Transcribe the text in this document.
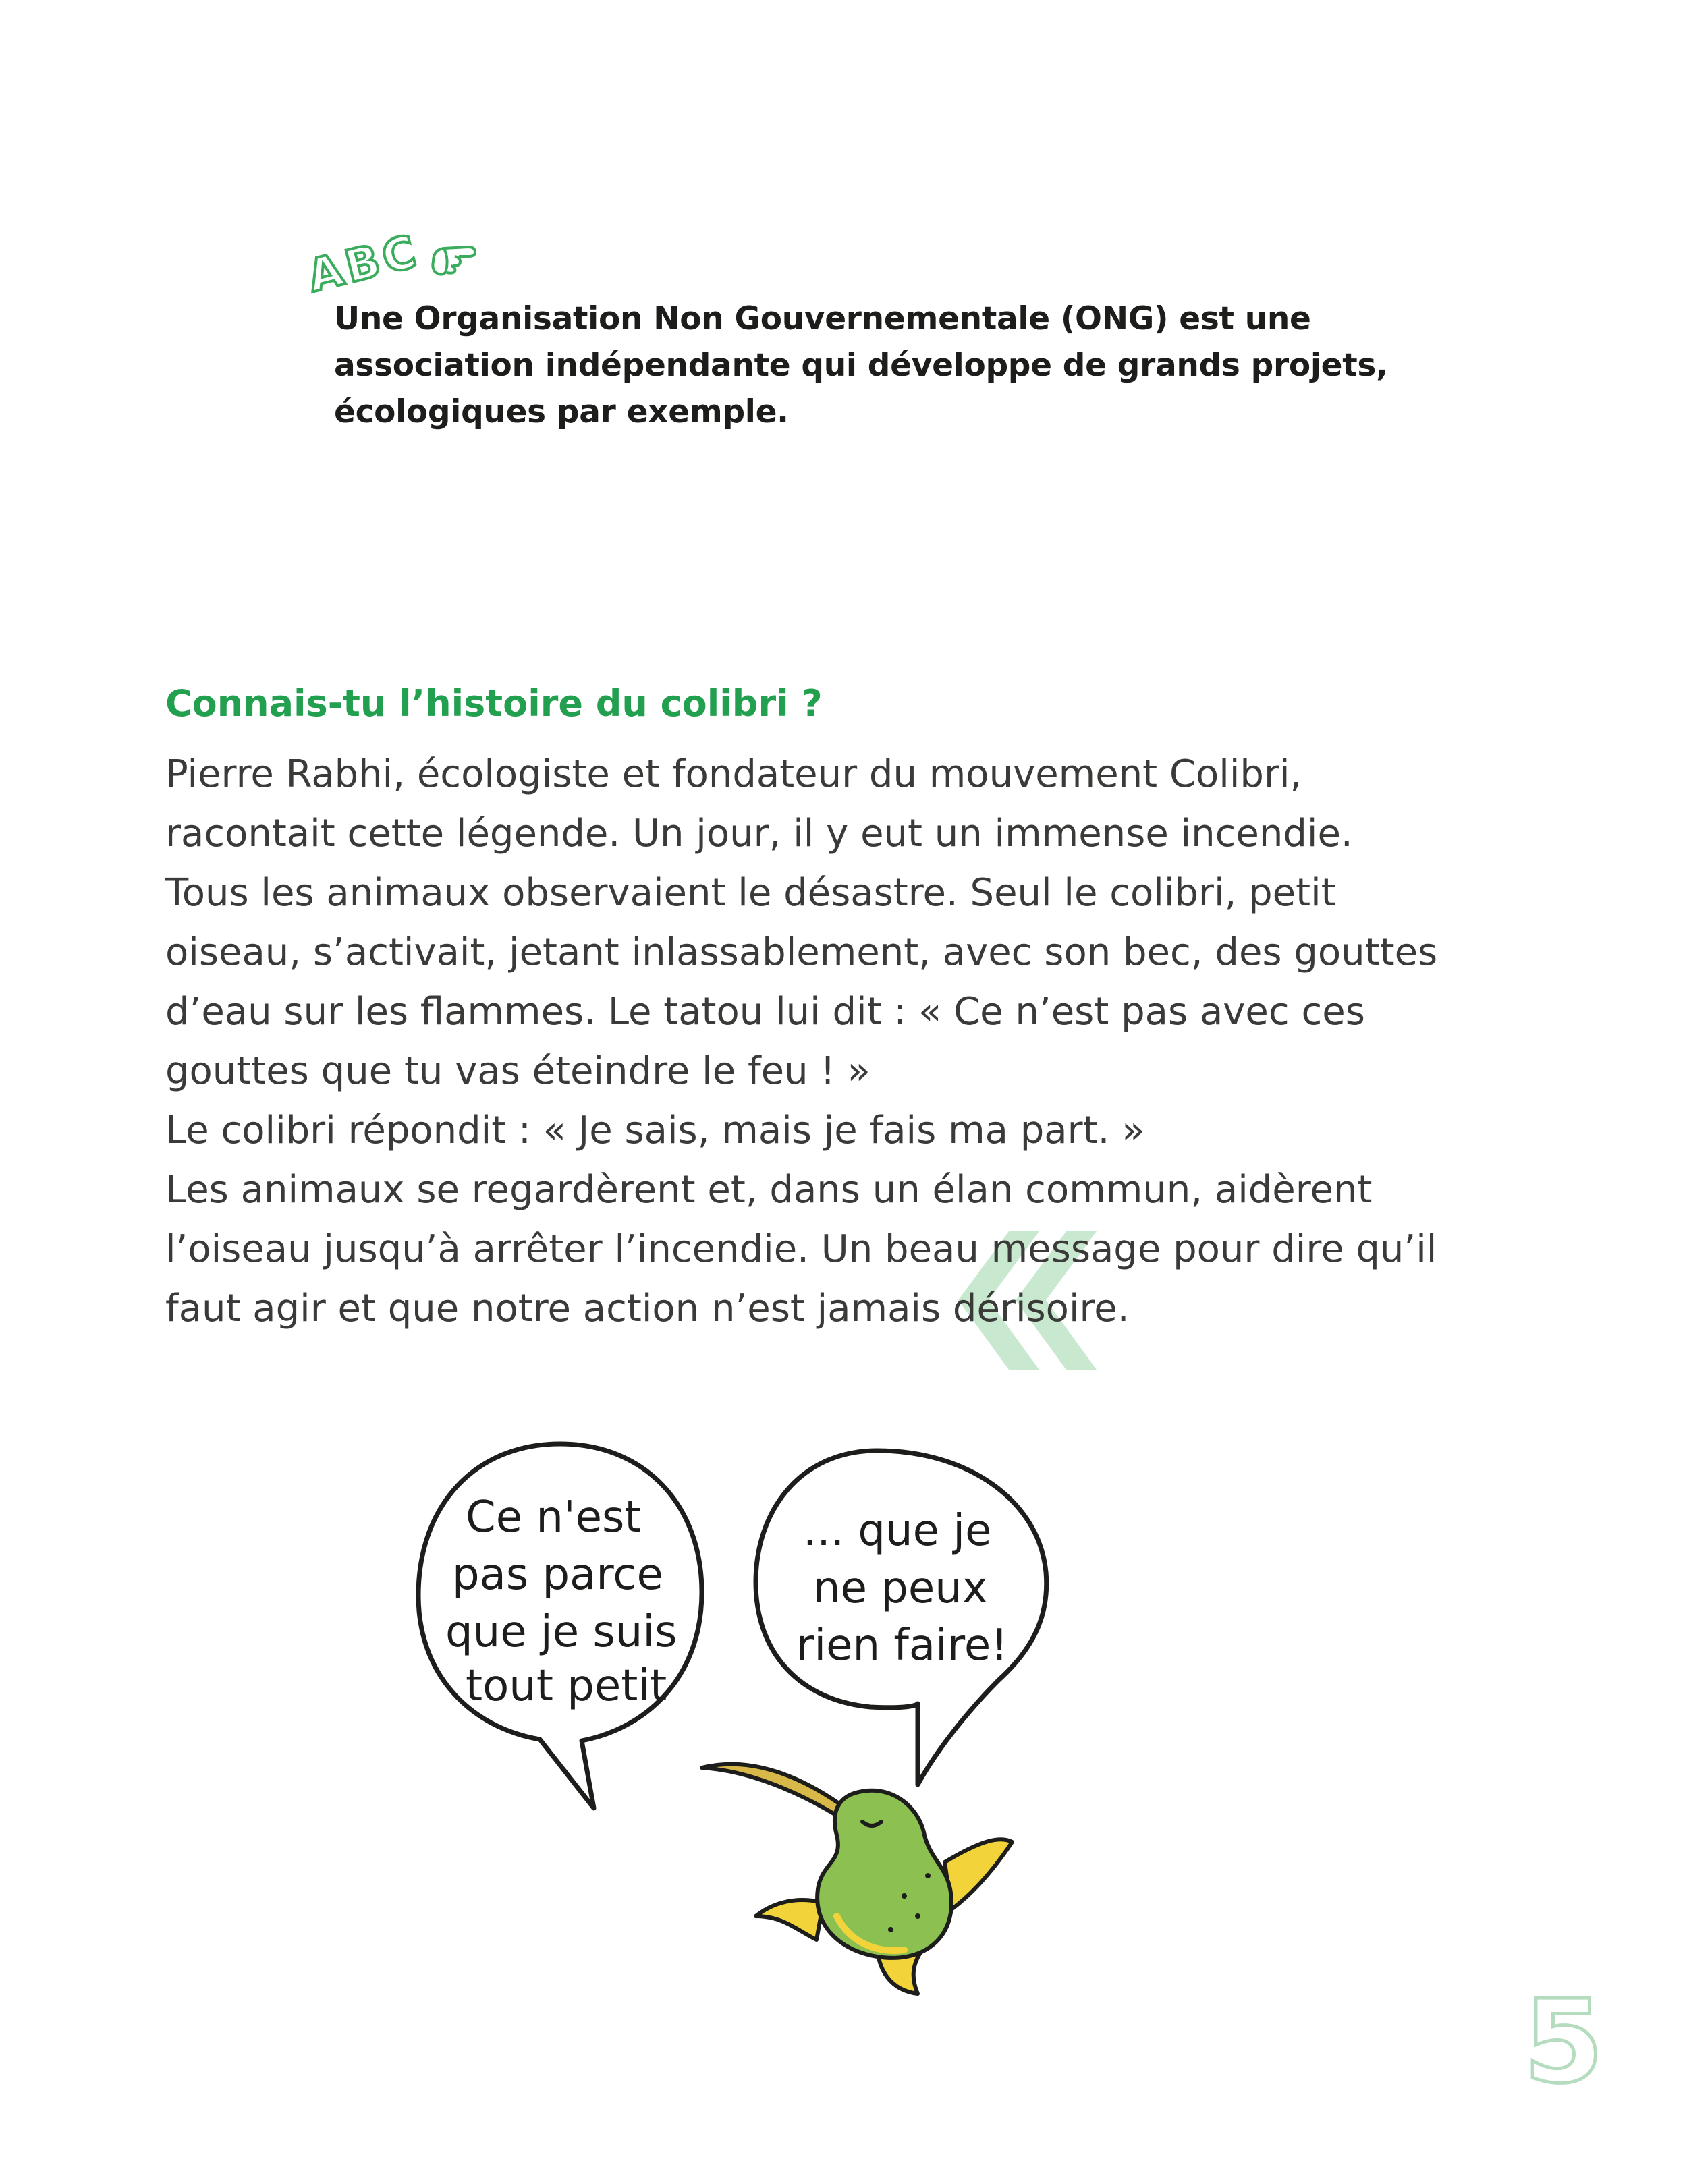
ABC
Une Organisation Non Gouvernementale (ONG) est une
association indépendante qui développe de grands projets,
écologiques par exemple.
Connais-tu l’histoire du colibri ?

Pierre Rabhi, écologiste et fondateur du mouvement Colibri,
racontait cette légende. Un jour, il y eut un immense incendie.
Tous les animaux observaient le désastre. Seul le colibri, petit
oiseau, s’activait, jetant inlassablement, avec son bec, des gouttes
d’eau sur les flammes. Le tatou lui dit : « Ce n’est pas avec ces
gouttes que tu vas éteindre le feu ! »
Le colibri répondit : « Je sais, mais je fais ma part. »
Les animaux se regardèrent et, dans un élan commun, aidèrent
l’oiseau jusqu’à arrêter l’incendie. Un beau message pour dire qu’il
faut agir et que notre action n’est jamais dérisoire.

Ce n'est
pas parce
que je suis
tout petit
... que je
ne peux
rien faire!
5
